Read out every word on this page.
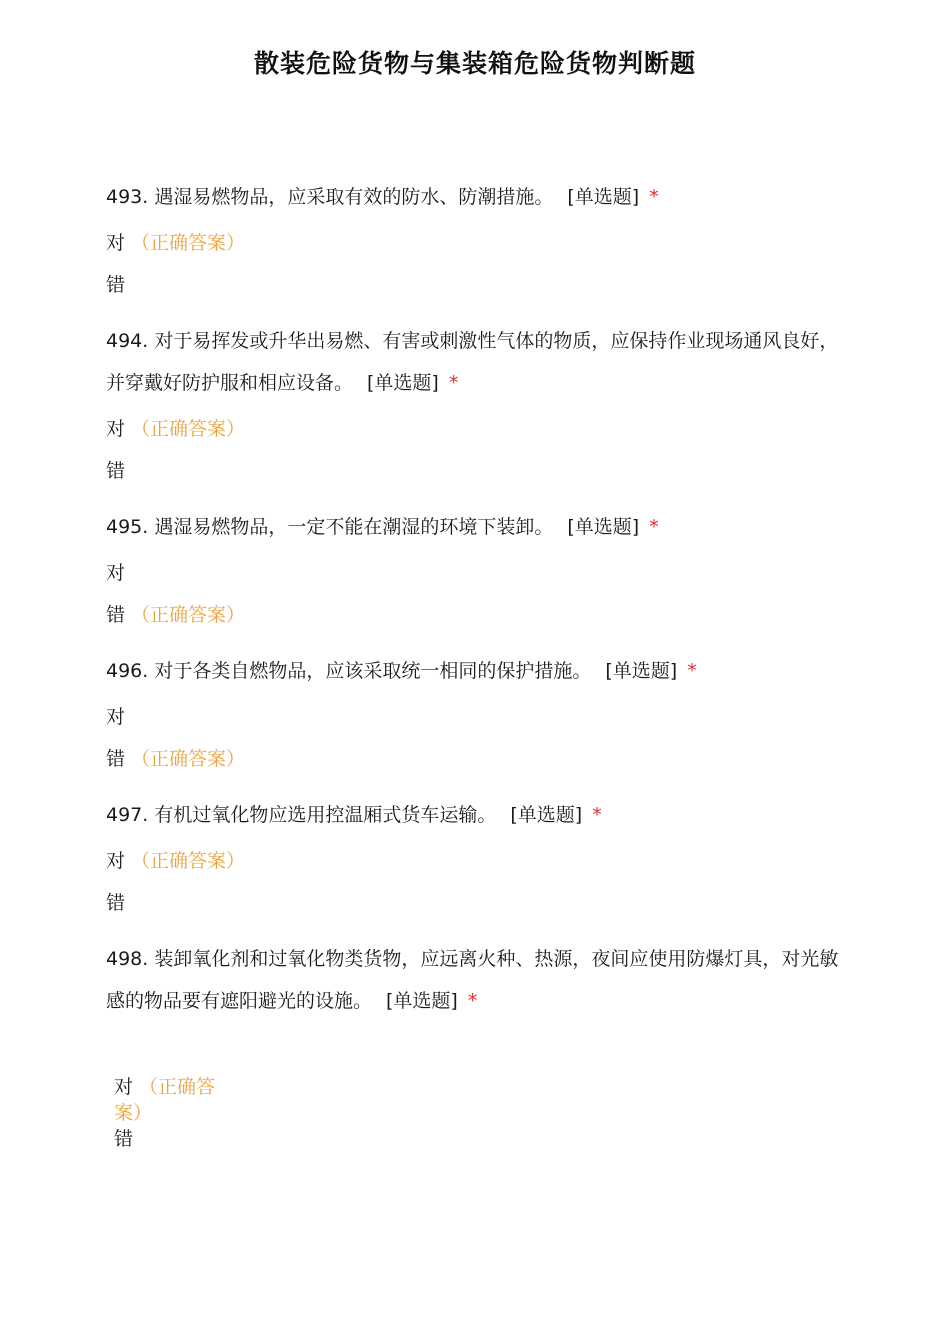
散装危险货物与集装箱危险货物判断题
493. 遇湿易燃物品，应采取有效的防水、防潮措施。 [单选题] *
对 （正确答案）
错
494. 对于易挥发或升华出易燃、有害或刺激性气体的物质，应保持作业现场通风良好，并穿戴好防护服和相应设备。 [单选题] *
对 （正确答案）
错
495. 遇湿易燃物品，一定不能在潮湿的环境下装卸。 [单选题] *
对
错 （正确答案）
496. 对于各类自燃物品，应该采取统一相同的保护措施。 [单选题] *
对
错 （正确答案）
497. 有机过氧化物应选用控温厢式货车运输。 [单选题] *
对 （正确答案）
错
498. 装卸氧化剂和过氧化物类货物，应远离火种、热源，夜间应使用防爆灯具，对光敏感的物品要有遮阳避光的设施。 [单选题] *
对 （正确答案）
错
